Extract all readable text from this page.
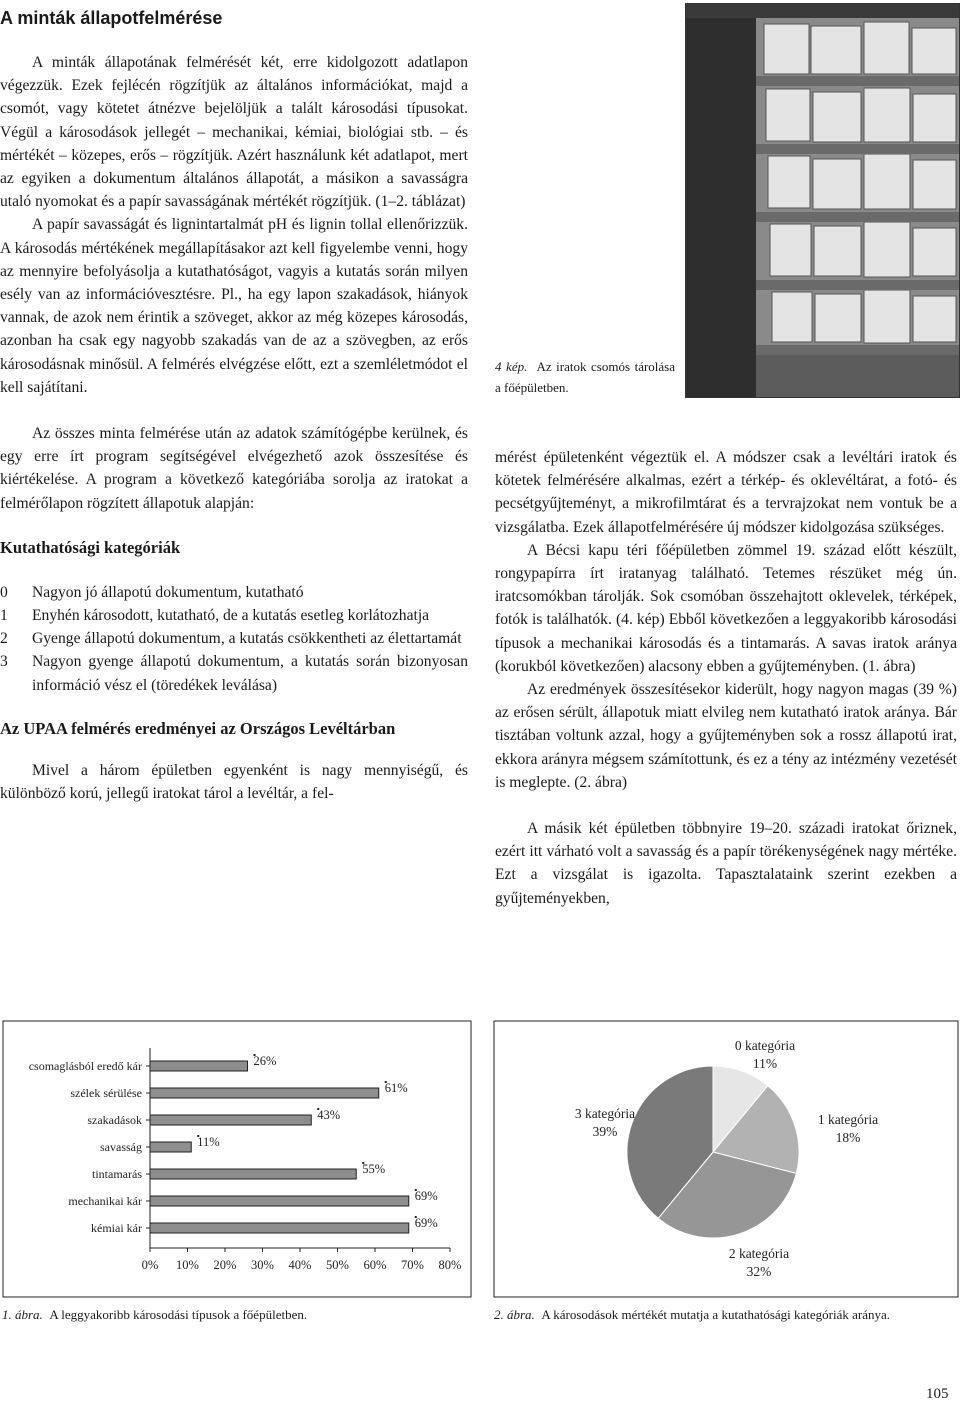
A minták állapotfelmérése

A minták állapotának felmérését két, erre kidolgozott adatlapon végezzük. Ezek fejlécén rögzítjük az általános információkat, majd a csomót, vagy kötetet átnézve bejelöljük a talált károsodási típusokat. Végül a károsodások jellegét – mechanikai, kémiai, biológiai stb. – és mértékét – közepes, erős – rögzítjük. Azért használunk két adatlapot, mert az egyiken a dokumentum általános állapotát, a másikon a savasságra utaló nyomokat és a papír savasságának mértékét rögzítjük. (1–2. táblázat)

A papír savasságát és lignintartalmát pH és lignin tollal ellenőrizzük. A károsodás mértékének megállapításakor azt kell figyelembe venni, hogy az mennyire befolyásolja a kutathatóságot, vagyis a kutatás során milyen esély van az információvesztésre. Pl., ha egy lapon szakadások, hiányok vannak, de azok nem érintik a szöveget, akkor az még közepes károsodás, azonban ha csak egy nagyobb szakadás van de az a szövegben, az erős károsodásnak minősül. A felmérés elvégzése előtt, ezt a szemléletmódot el kell sajátítani.

Az összes minta felmérése után az adatok számítógépbe kerülnek, és egy erre írt program segítségével elvégezhető azok összesítése és kiértékelése. A program a következő kategóriába sorolja az iratokat a felmérőlapon rögzített állapotuk alapján:

Kutathatósági kategóriák

0	Nagyon jó állapotú dokumentum, kutatható
1	Enyhén károsodott, kutatható, de a kutatás esetleg korlátozhatja
2	Gyenge állapotú dokumentum, a kutatás csökkentheti az élettartamát
3	Nagyon gyenge állapotú dokumentum, a kutatás során bizonyosan információ vész el (töredékek leválása)

Az UPAA felmérés eredményei az Országos Levéltárban

Mivel a három épületben egyenként is nagy mennyiségű, és különböző korú, jellegű iratokat tárol a levéltár, a fel-

4 kép. Az iratok csomós tárolása a főépületben.

mérést épületenként végeztük el. A módszer csak a levéltári iratok és kötetek felmérésére alkalmas, ezért a térkép- és oklevéltárat, a fotó- és pecsétgyűjteményt, a mikrofilmtárat és a tervrajzokat nem vontuk be a vizsgálatba. Ezek állapotfelmérésére új módszer kidolgozása szükséges.

A Bécsi kapu téri főépületben zömmel 19. század előtt készült, rongypapírra írt iratanyag található. Tetemes részüket még ún. iratcsomókban tárolják. Sok csomóban összehajtott oklevelek, térképek, fotók is találhatók. (4. kép) Ebből következően a leggyakoribb károsodási típusok a mechanikai károsodás és a tintamarás. A savas iratok aránya (korukból következően) alacsony ebben a gyűjteményben. (1. ábra)

Az eredmények összesítésekor kiderült, hogy nagyon magas (39 %) az erősen sérült, állapotuk miatt elvileg nem kutatható iratok aránya. Bár tisztában voltunk azzal, hogy a gyűjteményben sok a rossz állapotú irat, ekkora arányra mégsem számítottunk, és ez a tény az intézmény vezetését is meglepte. (2. ábra)

A másik két épületben többnyire 19–20. századi iratokat őriznek, ezért itt várható volt a savasság és a papír törékenységének nagy mértéke. Ezt a vizsgálat is igazolta. Tapasztalataink szerint ezekben a gyűjteményekben,

0% 10% 20% 30% 40% 50% 60% 70% 80%
csomaglásból eredő kár	26%
szélek sérülése	61%
szakadások	43%
savasság	11%
tintamarás	55%
mechanikai kár	69%
kémiai kár	69%
0 kategória
11%
1 kategória
18%
2 kategória
32%
3 kategória
39%
1. ábra. A leggyakoribb károsodási típusok a főépületben.	2. ábra. A károsodások mértékét mutatja a kutathatósági kategóriák aránya.
105
